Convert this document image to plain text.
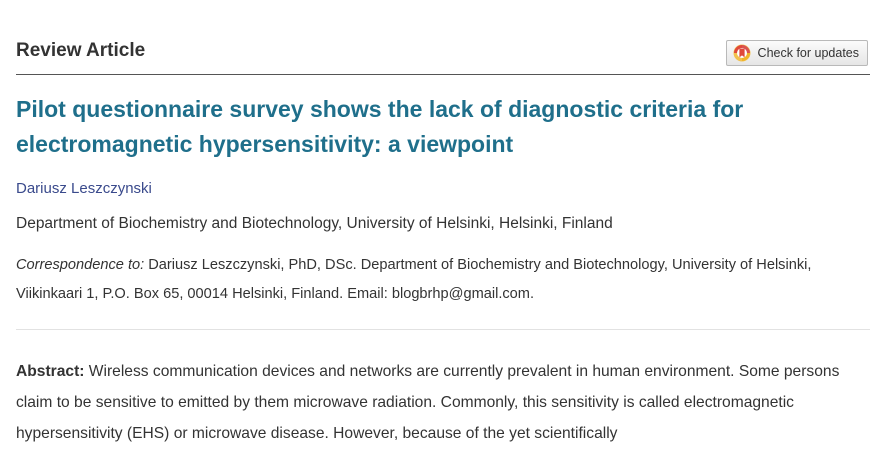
Review Article	Check for updates
Pilot questionnaire survey shows the lack of diagnostic criteria for electromagnetic hypersensitivity: a viewpoint
Dariusz Leszczynski
Department of Biochemistry and Biotechnology, University of Helsinki, Helsinki, Finland
Correspondence to: Dariusz Leszczynski, PhD, DSc. Department of Biochemistry and Biotechnology, University of Helsinki, Viikinkaari 1, P.O. Box 65, 00014 Helsinki, Finland. Email: blogbrhp@gmail.com.
Abstract: Wireless communication devices and networks are currently prevalent in human environment. Some persons claim to be sensitive to emitted by them microwave radiation. Commonly, this sensitivity is called electromagnetic hypersensitivity (EHS) or microwave disease. However, because of the yet scientifically
